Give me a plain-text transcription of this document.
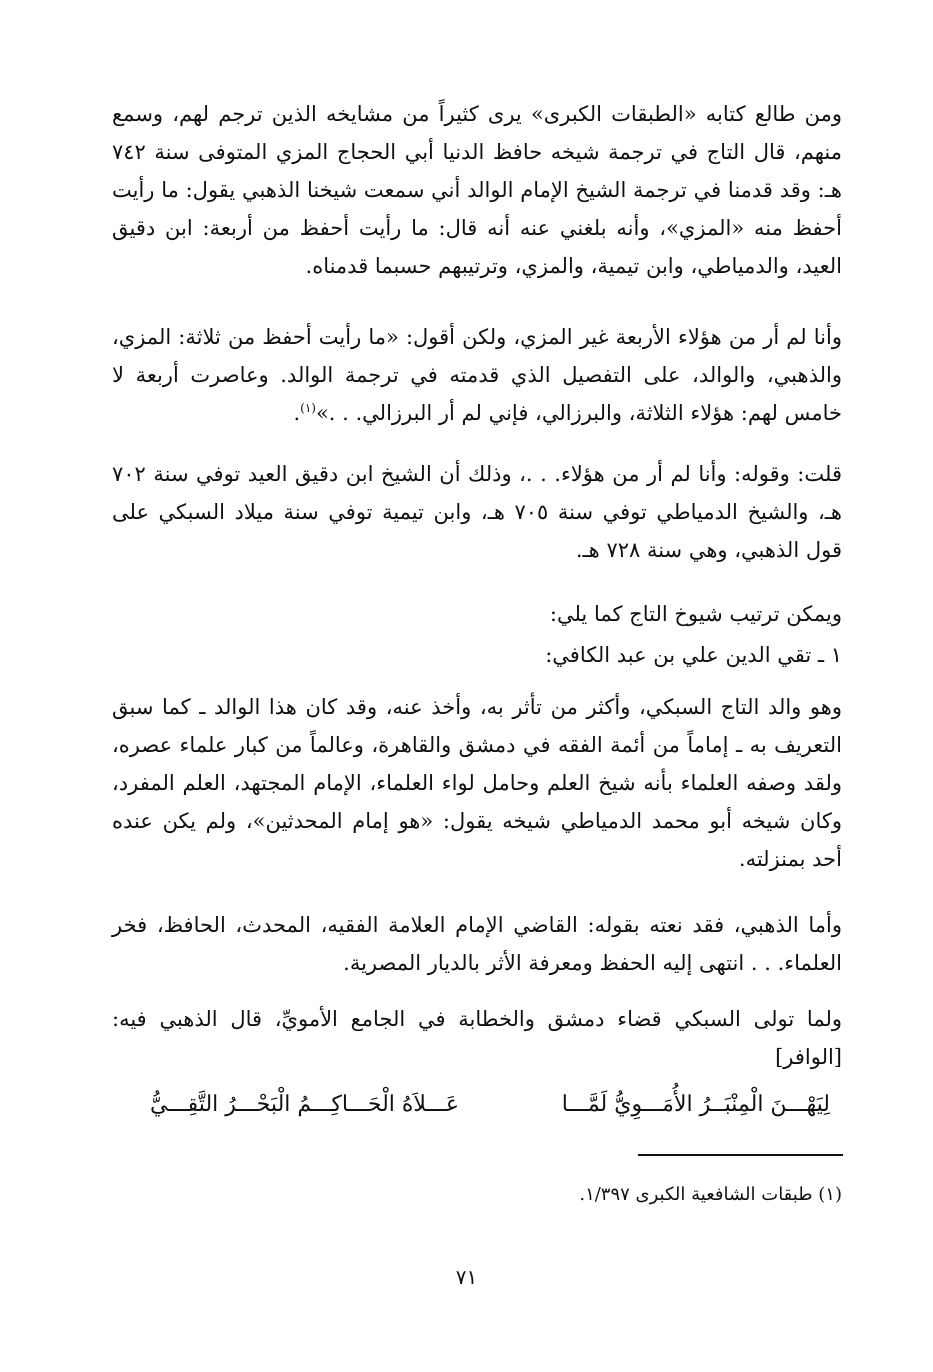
ومن طالع كتابه «الطبقات الكبرى» يرى كثيراً من مشايخه الذين ترجم لهم، وسمع منهم، قال التاج في ترجمة شيخه حافظ الدنيا أبي الحجاج المزي المتوفى سنة ٧٤٢ هـ: وقد قدمنا في ترجمة الشيخ الإمام الوالد أني سمعت شيخنا الذهبي يقول: ما رأيت أحفظ منه «المزي»، وأنه بلغني عنه أنه قال: ما رأيت أحفظ من أربعة: ابن دقيق العيد، والدمياطي، وابن تيمية، والمزي، وترتيبهم حسبما قدمناه.

وأنا لم أر من هؤلاء الأربعة غير المزي، ولكن أقول: «ما رأيت أحفظ من ثلاثة: المزي، والذهبي، والوالد، على التفصيل الذي قدمته في ترجمة الوالد. وعاصرت أربعة لا خامس لهم: هؤلاء الثلاثة، والبرزالي، فإني لم أر البرزالي. . .»$^{(١)}$.

قلت: وقوله: وأنا لم أر من هؤلاء. . .، وذلك أن الشيخ ابن دقيق العيد توفي سنة ٧٠٢ هـ، والشيخ الدمياطي توفي سنة ٧٠٥ هـ، وابن تيمية توفي سنة ميلاد السبكي على قول الذهبي، وهي سنة ٧٢٨ هـ.

ويمكن ترتيب شيوخ التاج كما يلي:

١ ـ تقي الدين علي بن عبد الكافي:

وهو والد التاج السبكي، وأكثر من تأثر به، وأخذ عنه، وقد كان هذا الوالد ـ كما سبق التعريف به ـ إماماً من أئمة الفقه في دمشق والقاهرة، وعالماً من كبار علماء عصره، ولقد وصفه العلماء بأنه شيخ العلم وحامل لواء العلماء، الإمام المجتهد، العلم المفرد، وكان شيخه أبو محمد الدمياطي شيخه يقول: «هو إمام المحدثين»، ولم يكن عنده أحد بمنزلته.

وأما الذهبي، فقد نعته بقوله: القاضي الإمام العلامة الفقيه، المحدث، الحافظ، فخر العلماء. . . انتهى إليه الحفظ ومعرفة الأثر بالديار المصرية.

ولما تولى السبكي قضاء دمشق والخطابة في الجامع الأمويِّ، قال الذهبي فيه: [الوافر]

لِيَهْـــنَ الْمِنْبَــرُ الأُمَـــوِيُّ لَمَّـــا
عَـــلاَهُ الْحَـــاكِـــمُ الْبَحْـــرُ التَّقِـــيُّ

(١) طبقات الشافعية الكبرى ١/٣٩٧.

٧١
